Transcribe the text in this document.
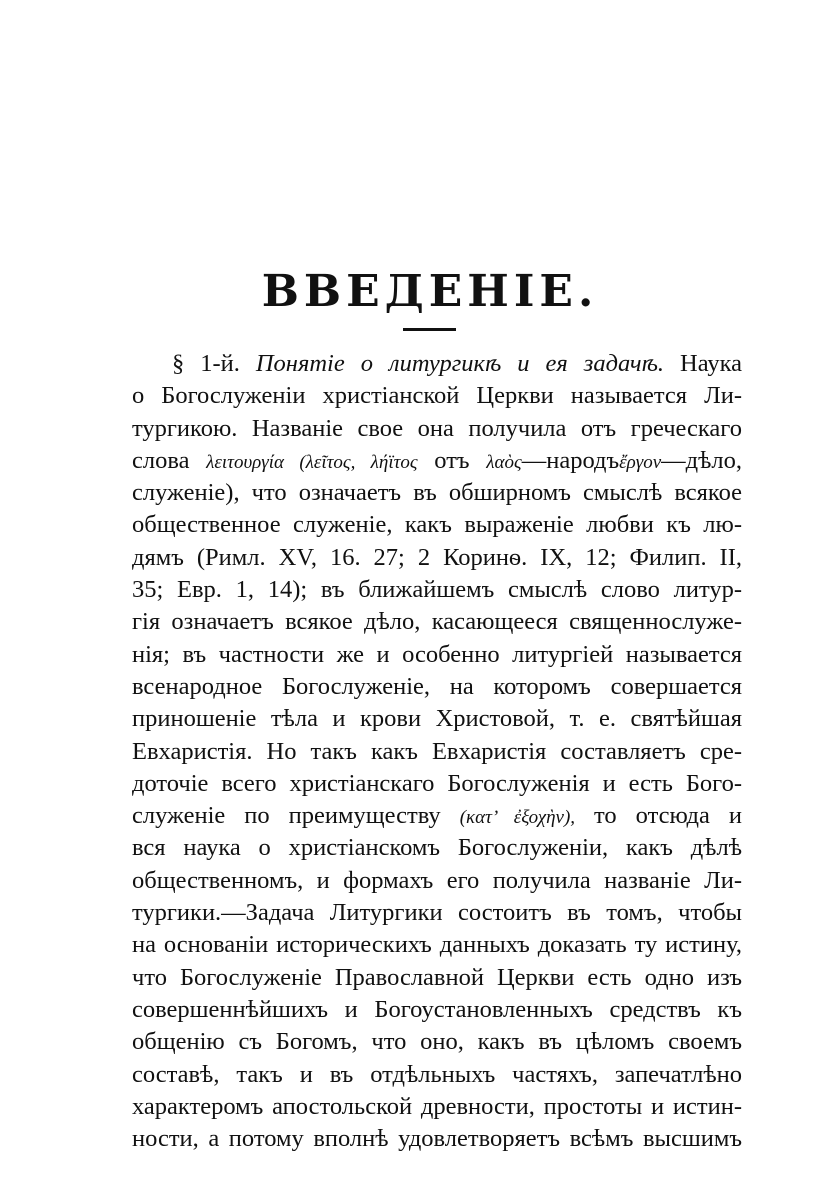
ВВЕДЕНІЕ.
§ 1-й. Понятіе о литургикѣ и ея задачѣ. Наука
о Богослуженіи христіанской Церкви называется Ли-
тургикою. Названіе свое она получила отъ греческаго
слова λειτουργία (λεῖτος, λήϊτος отъ λαὸς—народъἔργον—дѣло,
служеніе), что означаетъ въ обширномъ смыслѣ всякое
общественное служеніе, какъ выраженіе любви къ лю-
дямъ (Римл. XV, 16. 27; 2 Коринѳ. IX, 12; Филип. II,
35; Евр. 1, 14); въ ближайшемъ смыслѣ слово литур-
гія означаетъ всякое дѣло, касающееся священнослуже-
нія; въ частности же и особенно литургіей называется
всенародное Богослуженіе, на которомъ совершается
приношеніе тѣла и крови Христовой, т. е. святѣйшая
Евхаристія. Но такъ какъ Евхаристія составляетъ сре-
доточіе всего христіанскаго Богослуженія и есть Бого-
служеніе по преимуществу (κατ’ ἐξοχὴν), то отсюда и
вся наука о христіанскомъ Богослуженіи, какъ дѣлѣ
общественномъ, и формахъ его получила названіе Ли-
тургики.—Задача Литургики состоитъ въ томъ, чтобы
на основаніи историческихъ данныхъ доказать ту истину,
что Богослуженіе Православной Церкви есть одно изъ
совершеннѣйшихъ и Богоустановленныхъ средствъ къ
общенію съ Богомъ, что оно, какъ въ цѣломъ своемъ
составѣ, такъ и въ отдѣльныхъ частяхъ, запечатлѣно
характеромъ апостольской древности, простоты и истин-
ности, а потому вполнѣ удовлетворяетъ всѣмъ высшимъ
